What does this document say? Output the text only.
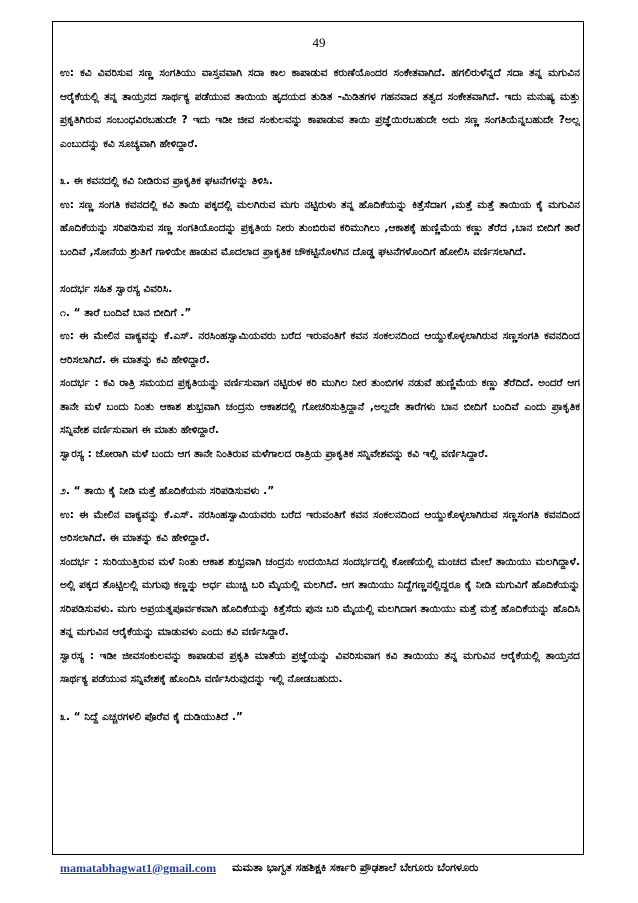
49

ಉ: ಕವಿ ವಿವರಿಸುವ ಸಣ್ಣ ಸಂಗತಿಯು ವಾಸ್ತವವಾಗಿ ಸದಾ ಕಾಲ ಕಾಪಾಡುವ ಕರುಣೆಯೊಂದರ ಸಂಕೇತವಾಗಿದೆ. ಹಗಲಿರುಳೆನ್ನದೆ ಸದಾ ತನ್ನ ಮಗುವಿನ ಆರೈಕೆಯಲ್ಲಿ ತನ್ನ ತಾಯ್ತನದ ಸಾರ್ಥಕ್ಯ ಪಡೆಯುವ ತಾಯಿಯ ಹೃದಯದ ತುಡಿತ -ಮಿಡಿತಗಳ ಗಹನವಾದ ತತ್ವದ ಸಂಕೇತವಾಗಿದೆ. ಇದು ಮನುಷ್ಯ ಮತ್ತು ಪ್ರಕೃತಿಗಿರುವ ಸಂಬಂಧವಿರಬಹುದೇ ? ಇದು ಇಡೀ ಜೀವ ಸಂಕುಲವನ್ನು ಕಾಪಾಡುವ ತಾಯಿ ಪ್ರಜ್ಞೆಯಿರಬಹುದೇ ಅದು ಸಣ್ಣ ಸಂಗತಿಯೆನ್ನಬಹುದೇ ?ಅಲ್ಲ ಎಂಬುದನ್ನು ಕವಿ ಸೂಚ್ಯವಾಗಿ ಹೇಳಿದ್ದಾರೆ.

೩. ಈ ಕವನದಲ್ಲಿ ಕವಿ ನೀಡಿರುವ ಪ್ರಾಕೃತಿಕ ಘಟನೆಗಳನ್ನು ತಿಳಿಸಿ.

ಉ: ಸಣ್ಣ ಸಂಗತಿ ಕವನದಲ್ಲಿ ಕವಿ ತಾಯಿ ಪಕ್ಕದಲ್ಲಿ ಮಲಗಿರುವ ಮಗು ನಟ್ಟಿರುಳು ತನ್ನ ಹೊದಿಕೆಯನ್ನು ಕಿತ್ತೆಸೆದಾಗ ,ಮತ್ತೆ ಮತ್ತೆ ತಾಯಿಯ ಕೈ ಮಗುವಿನ ಹೊದಿಕೆಯನ್ನು ಸರಿಪಡಿಸುವ ಸಣ್ಣ ಸಂಗತಿಯೊಂದನ್ನು ಪ್ರಕೃತಿಯ ನೀರು ತುಂಬಿರುವ ಕರಿಮುಗಿಲು ,ಆಕಾಶಕ್ಕೆ ಹುಣ್ಣಿಮೆಯ ಕಣ್ಣು ತೆರೆದ ,ಬಾನ ಬೀದಿಗೆ ತಾರೆ ಬಂದಿವೆ ,ಸೋನೆಯ ಶ್ರುತಿಗೆ ಗಾಳಿಯೇ ಹಾಡುವ ಮೊದಲಾದ ಪ್ರಾಕೃತಿಕ ಚೌಕಟ್ಟಿನೊಳಗಿನ ದೊಡ್ಡ ಘಟನೆಗಳೊಂದಿಗೆ ಹೋಲಿಸಿ ವರ್ಣಿಸಲಾಗಿದೆ.

ಸಂದರ್ಭ ಸಹಿತ ಸ್ವಾರಸ್ಯ ವಿವರಿಸಿ.

೧. “ ತಾರೆ ಬಂದಿವೆ ಬಾನ ಬೀದಿಗೆ .”

ಉ: ಈ ಮೇಲಿನ ವಾಕ್ಯವನ್ನು ಕೆ.ಎಸ್. ನರಸಿಂಹಸ್ವಾಮಿಯವರು ಬರೆದ ಇರುವಂತಿಗೆ ಕವನ ಸಂಕಲನದಿಂದ ಆಯ್ದುಕೊಳ್ಳಲಾಗಿರುವ ಸಣ್ಣಸಂಗತಿ ಕವನದಿಂದ ಆರಿಸಲಾಗಿದೆ. ಈ ಮಾತನ್ನು ಕವಿ ಹೇಳಿದ್ದಾರೆ.

ಸಂದರ್ಭ : ಕವಿ ರಾತ್ರಿ ಸಮಯದ ಪ್ರಕೃತಿಯನ್ನು ವರ್ಣಿಸುವಾಗ ನಟ್ಟಿರುಳ ಕರಿ ಮುಗಿಲ ನೀರ ತುಂಬಿಗಳ ನಡುವೆ ಹುಣ್ಣಿಮೆಯ ಕಣ್ಣು ತೆರೆದಿದೆ. ಅಂದರೆ ಆಗ ತಾನೇ ಮಳೆ ಬಂದು ನಿಂತು ಆಕಾಶ ಶುಭ್ರವಾಗಿ ಚಂದ್ರನು ಆಕಾಶದಲ್ಲಿ ಗೋಚರಿಸುತ್ತಿದ್ದಾನೆ ,ಅಲ್ಲದೇ ತಾರೆಗಳು ಬಾನ ಬೀದಿಗೆ ಬಂದಿವೆ ಎಂದು ಪ್ರಾಕೃತಿಕ ಸನ್ನಿವೇಶ ವರ್ಣಿಸುವಾಗ ಈ ಮಾತು ಹೇಳಿದ್ದಾರೆ.

ಸ್ವಾರಸ್ಯ : ಜೋರಾಗಿ ಮಳೆ ಬಂದು ಆಗ ತಾನೇ ನಿಂತಿರುವ ಮಳೆಗಾಲದ ರಾತ್ರಿಯ ಪ್ರಾಕೃತಿಕ ಸನ್ನಿವೇಶವನ್ನು ಕವಿ ಇಲ್ಲಿ ವರ್ಣಿಸಿದ್ದಾರೆ.

೨. “ ತಾಯಿ ಕೈ ನೀಡಿ ಮತ್ತೆ ಹೊದಿಕೆಯನು ಸರಿಪಡಿಸುವಳು .”

ಉ: ಈ ಮೇಲಿನ ವಾಕ್ಯವನ್ನು ಕೆ.ಎಸ್. ನರಸಿಂಹಸ್ವಾಮಿಯವರು ಬರೆದ ಇರುವಂತಿಗೆ ಕವನ ಸಂಕಲನದಿಂದ ಆಯ್ದುಕೊಳ್ಳಲಾಗಿರುವ ಸಣ್ಣಸಂಗತಿ ಕವನದಿಂದ ಆರಿಸಲಾಗಿದೆ. ಈ ಮಾತನ್ನು ಕವಿ ಹೇಳಿದ್ದಾರೆ.

ಸಂದರ್ಭ : ಸುರಿಯುತ್ತಿರುವ ಮಳೆ ನಿಂತು ಆಕಾಶ ಶುಭ್ರವಾಗಿ ಚಂದ್ರನು ಉದಯಿಸಿದ ಸಂದರ್ಭದಲ್ಲಿ ಕೋಣೆಯಲ್ಲಿ ಮಂಚದ ಮೇಲೆ ತಾಯಿಯು ಮಲಗಿದ್ದಾಳೆ. ಅಲ್ಲಿ ಪಕ್ಕದ ತೊಟ್ಟಿಲಲ್ಲಿ ಮಗುವು ಕಣ್ಣನ್ನು ಅರ್ಧ ಮುಚ್ಚಿ ಬರಿ ಮೈಯಲ್ಲಿ ಮಲಗಿದೆ. ಆಗ ತಾಯಿಯು ನಿದ್ದೆಗಣ್ಣನಲ್ಲಿದ್ದರೂ ಕೈ ನೀಡಿ ಮಗುವಿಗೆ ಹೊದಿಕೆಯನ್ನು ಸರಿಪಡಿಸುವಳು. ಮಗು ಅಪ್ರಯತ್ನಪೂರ್ವಕವಾಗಿ ಹೊದಿಕೆಯನ್ನು ಕಿತ್ತೆಸೆದು ಪುನಃ ಬರಿ ಮೈಯಲ್ಲಿ ಮಲಗಿದಾಗ ತಾಯಿಯು ಮತ್ತೆ ಮತ್ತೆ ಹೊದಿಕೆಯನ್ನು ಹೊದಿಸಿ ತನ್ನ ಮಗುವಿನ ಆರೈಕೆಯನ್ನು ಮಾಡುವಳು ಎಂದು ಕವಿ ವರ್ಣಿಸಿದ್ದಾರೆ.

ಸ್ವಾರಸ್ಯ : ಇಡೀ ಜೀವಸಂಕುಲವನ್ನು ಕಾಪಾಡುವ ಪ್ರಕೃತಿ ಮಾತೆಯ ಪ್ರಜ್ಞೆಯನ್ನು ವಿವರಿಸುವಾಗ ಕವಿ ತಾಯಿಯು ತನ್ನ ಮಗುವಿನ ಆರೈಕೆಯಲ್ಲಿ ತಾಯ್ತನದ ಸಾರ್ಥಕ್ಯ ಪಡೆಯುವ ಸನ್ನಿವೇಶಕ್ಕೆ ಹೊಂದಿಸಿ ವರ್ಣಿಸಿರುವುದನ್ನು ಇಲ್ಲಿ ನೋಡಬಹುದು.

೩. “ ನಿದ್ದೆ ಎಚ್ಚರಗಳಲಿ ಪೊರೆವ ಕೈ ದುಡಿಯುತಿದೆ .”

mamatabhagwat1@gmail.com ಮಮತಾ ಭಾಗ್ವತ ಸಹಶಿಕ್ಷಕಿ ಸರ್ಕಾರಿ ಪ್ರೌಢಶಾಲೆ ಬೇಗೂರು ಬೆಂಗಳೂರು
